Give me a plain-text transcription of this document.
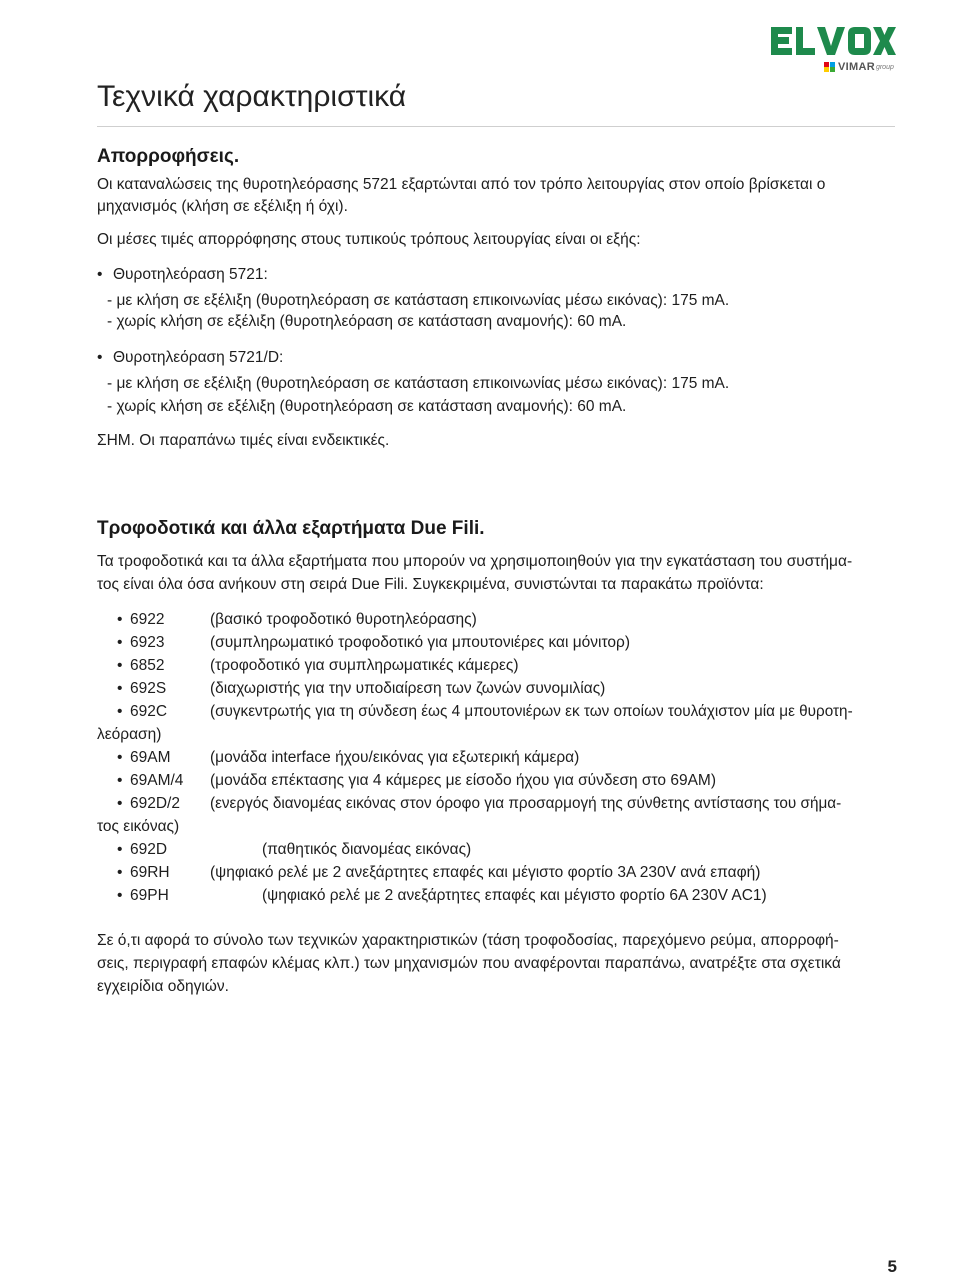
VIMAR group
Τεχνικά χαρακτηριστικά
Απορροφήσεις.
Οι καταναλώσεις της θυροτηλεόρασης 5721 εξαρτώνται από τον τρόπο λειτουργίας στον οποίο βρίσκεται ο
μηχανισμός (κλήση σε εξέλιξη ή όχι).
Οι μέσες τιμές απορρόφησης στους τυπικούς τρόπους λειτουργίας είναι οι εξής:
• Θυροτηλεόραση 5721:
- με κλήση σε εξέλιξη (θυροτηλεόραση σε κατάσταση επικοινωνίας μέσω εικόνας): 175 mA.
- χωρίς κλήση σε εξέλιξη (θυροτηλεόραση σε κατάσταση αναμονής): 60 mA.
• Θυροτηλεόραση 5721/D:
- με κλήση σε εξέλιξη (θυροτηλεόραση σε κατάσταση επικοινωνίας μέσω εικόνας): 175 mA.
- χωρίς κλήση σε εξέλιξη (θυροτηλεόραση σε κατάσταση αναμονής): 60 mA.
ΣΗΜ. Οι παραπάνω τιμές είναι ενδεικτικές.
Τροφοδοτικά και άλλα εξαρτήματα Due Fili.
Τα τροφοδοτικά και τα άλλα εξαρτήματα που μπορούν να χρησιμοποιηθούν για την εγκατάσταση του συστήμα-
τος είναι όλα όσα ανήκουν στη σειρά Due Fili. Συγκεκριμένα, συνιστώνται τα παρακάτω προϊόντα:
• 6922	(βασικό τροφοδοτικό θυροτηλεόρασης)
• 6923	(συμπληρωματικό τροφοδοτικό για μπουτονιέρες και μόνιτορ)
• 6852	(τροφοδοτικό για συμπληρωματικές κάμερες)
• 692S	(διαχωριστής για την υποδιαίρεση των ζωνών συνομιλίας)
• 692C	(συγκεντρωτής για τη σύνδεση έως 4 μπουτονιέρων εκ των οποίων τουλάχιστον μία με θυροτη-
λεόραση)
• 69AM	(μονάδα interface ήχου/εικόνας για εξωτερική κάμερα)
• 69AM/4 (μονάδα επέκτασης για 4 κάμερες με είσοδο ήχου για σύνδεση στο 69AM)
• 692D/2 (ενεργός διανομέας εικόνας στον όροφο για προσαρμογή της σύνθετης αντίστασης του σήμα-
τος εικόνας)
• 692D	(παθητικός διανομέας εικόνας)
• 69RH	(ψηφιακό ρελέ με 2 ανεξάρτητες επαφές και μέγιστο φορτίο 3A 230V ανά επαφή)
• 69PH	(ψηφιακό ρελέ με 2 ανεξάρτητες επαφές και μέγιστο φορτίο 6A 230V AC1)
Σε ό,τι αφορά το σύνολο των τεχνικών χαρακτηριστικών (τάση τροφοδοσίας, παρεχόμενο ρεύμα, απορροφή-
σεις, περιγραφή επαφών κλέμας κλπ.) των μηχανισμών που αναφέρονται παραπάνω, ανατρέξτε στα σχετικά
εγχειρίδια οδηγιών.
5
